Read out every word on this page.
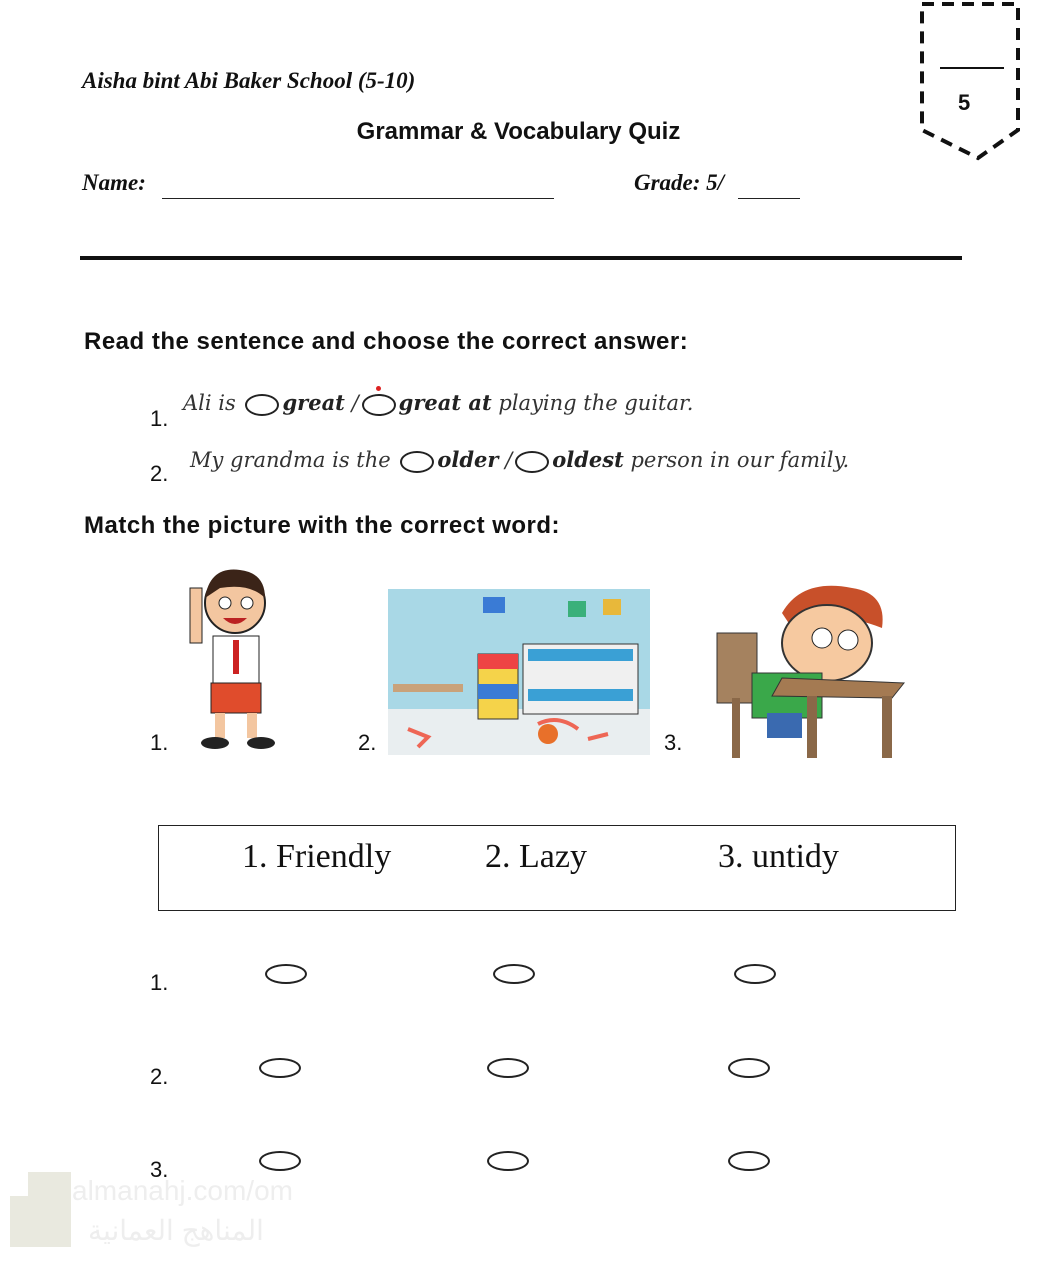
5
Aisha bint Abi Baker School (5-10)
Grammar & Vocabulary Quiz
Name:	Grade: 5/
Read the sentence and choose the correct answer:
1.
Ali is great / great at playing the guitar.
2.
My grandma is the older / oldest person in our family.
Match the picture with the correct word:
1.	2.	3.
1. Friendly	2. Lazy	3. untidy
1.
2.
3.
almanahj.com/om
المناهج العمانية
